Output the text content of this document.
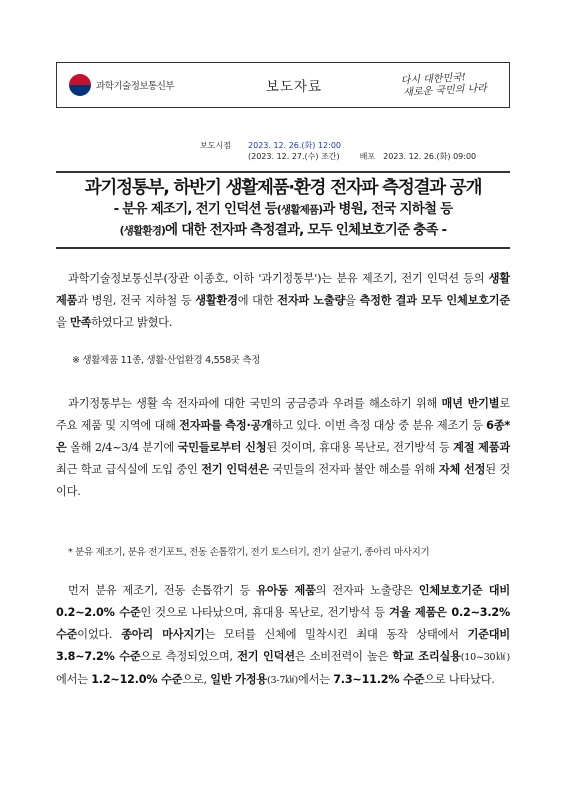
과학기술정보통신부	보도자료	다시 대한민국!
새로운 국민의 나라
보도시점	2023. 12. 26.(화) 12:00
(2023. 12. 27.(수) 조간)	배포 2023. 12. 26.(화) 09:00
과기정통부, 하반기 생활제품·환경 전자파 측정결과 공개
- 분유 제조기, 전기 인덕션 등(생활제품)과 병원, 전국 지하철 등
(생활환경)에 대한 전자파 측정결과, 모두 인체보호기준 충족 -
과학기술정보통신부(장관 이종호, 이하 '과기정통부')는 분유 제조기, 전기 인덕션 등의 생활제품과 병원, 전국 지하철 등 생활환경에 대한 전자파 노출량을 측정한 결과 모두 인체보호기준을 만족하였다고 밝혔다.
※ 생활제품 11종, 생활·산업환경 4,558곳 측정
과기정통부는 생활 속 전자파에 대한 국민의 궁금증과 우려를 해소하기 위해 매년 반기별로 주요 제품 및 지역에 대해 전자파를 측정·공개하고 있다. 이번 측정 대상 중 분유 제조기 등 6종*은 올해 2/4~3/4 분기에 국민들로부터 신청된 것이며, 휴대용 목난로, 전기방석 등 계절 제품과 최근 학교 급식실에 도입 중인 전기 인덕션은 국민들의 전자파 불안 해소를 위해 자체 선정된 것이다.
* 분유 제조기, 분유 전기포트, 전동 손톱깎기, 전기 토스터기, 전기 살균기, 종아리 마사지기
먼저 분유 제조기, 전동 손톱깎기 등 유아동 제품의 전자파 노출량은 인체보호기준 대비 0.2~2.0% 수준인 것으로 나타났으며, 휴대용 목난로, 전기방석 등 겨울 제품은 0.2~3.2% 수준이었다. 종아리 마사지기는 모터를 신체에 밀착시킨 최대 동작 상태에서 기준대비 3.8~7.2% 수준으로 측정되었으며, 전기 인덕션은 소비전력이 높은 학교 조리실용(10~30㎾)에서는 1.2~12.0% 수준으로, 일반 가정용(3-7㎾)에서는 7.3~11.2% 수준으로 나타났다.
